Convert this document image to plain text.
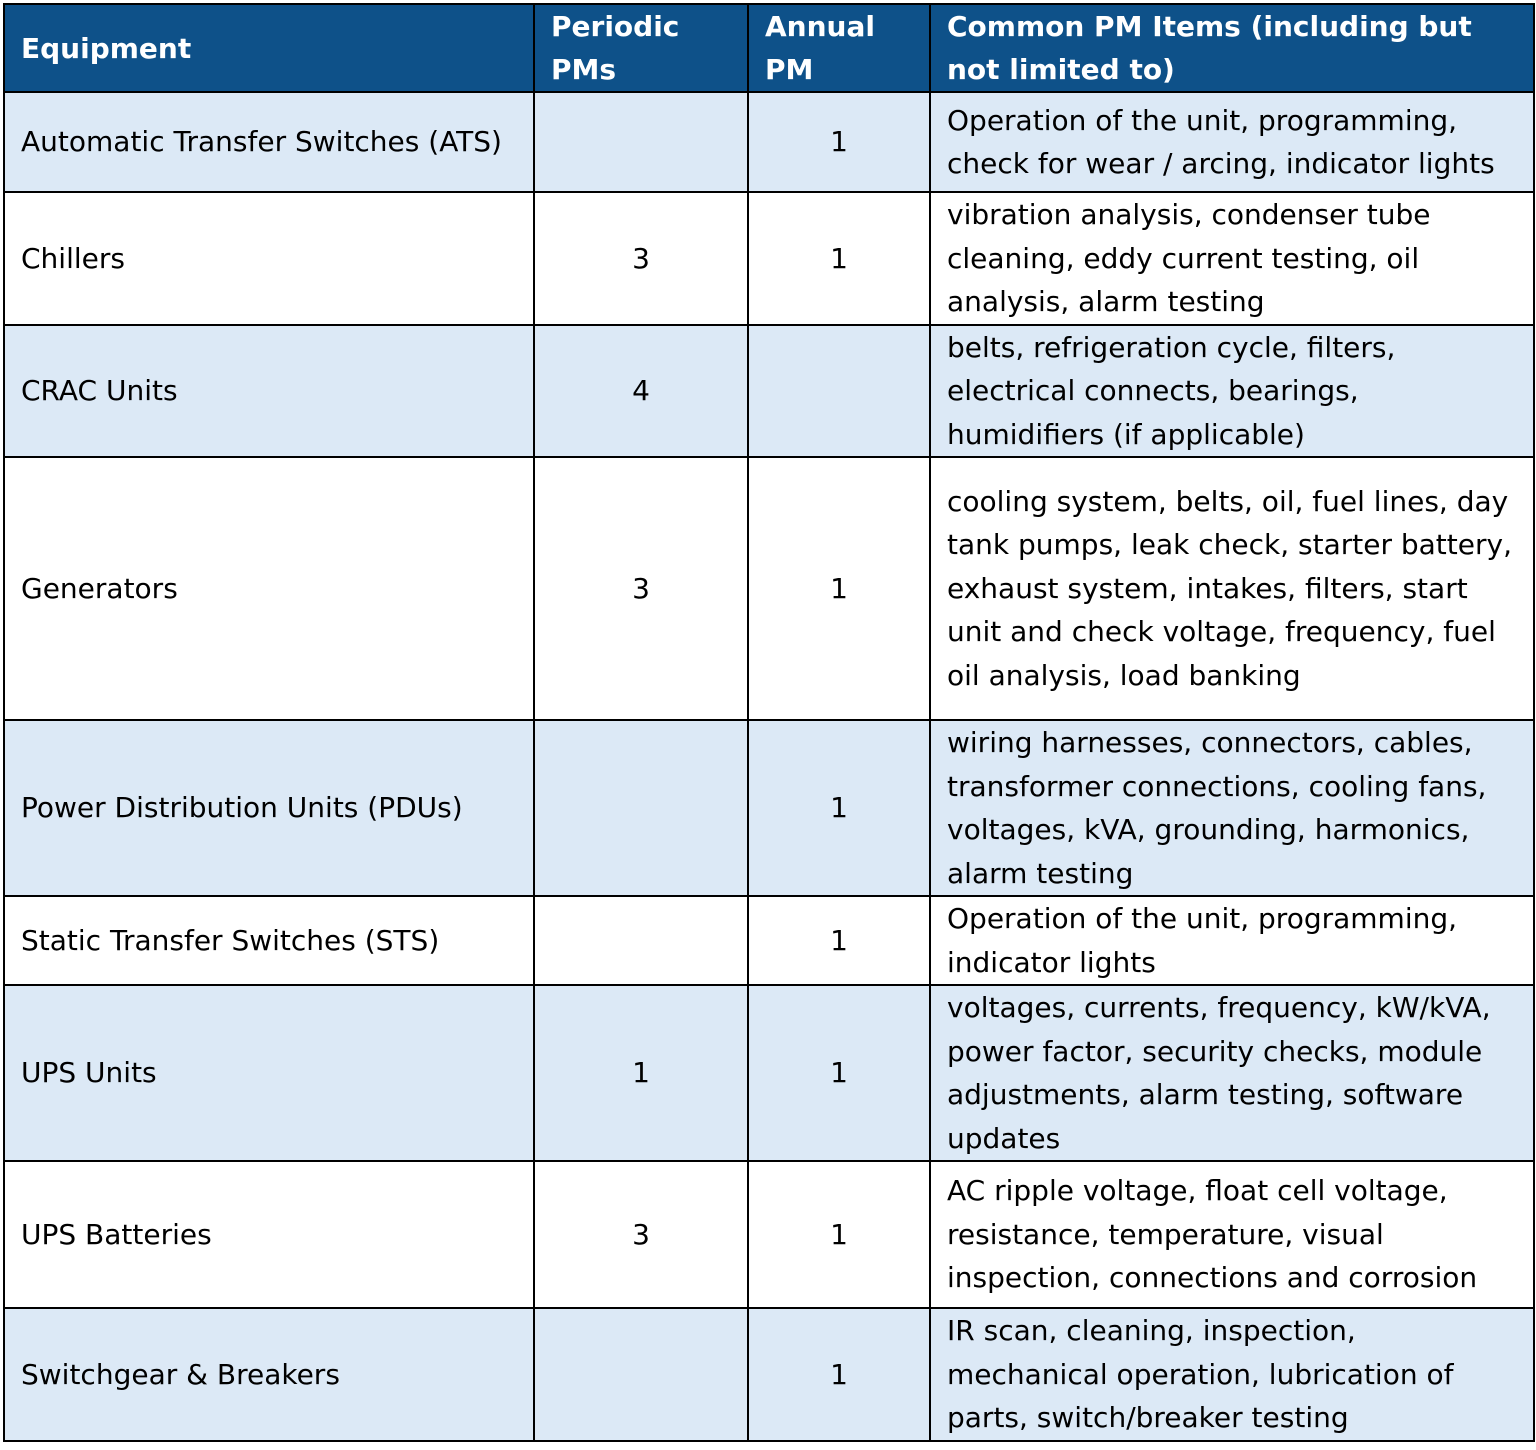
Equipment	Periodic PMs	Annual PM	Common PM Items (including but not limited to)
Automatic Transfer Switches (ATS)		1	Operation of the unit, programming, check for wear / arcing, indicator lights
Chillers	3	1	vibration analysis, condenser tube cleaning, eddy current testing, oil analysis, alarm testing
CRAC Units	4		belts, refrigeration cycle, filters, electrical connects, bearings, humidifiers (if applicable)
Generators	3	1	cooling system, belts, oil, fuel lines, day tank pumps, leak check, starter battery, exhaust system, intakes, filters, start unit and check voltage, frequency, fuel oil analysis, load banking
Power Distribution Units (PDUs)		1	wiring harnesses, connectors, cables, transformer connections, cooling fans, voltages, kVA, grounding, harmonics, alarm testing
Static Transfer Switches (STS)		1	Operation of the unit, programming, indicator lights
UPS Units	1	1	voltages, currents, frequency, kW/kVA, power factor, security checks, module adjustments, alarm testing, software updates
UPS Batteries	3	1	AC ripple voltage, float cell voltage, resistance, temperature, visual inspection, connections and corrosion
Switchgear & Breakers		1	IR scan, cleaning, inspection, mechanical operation, lubrication of parts, switch/breaker testing
